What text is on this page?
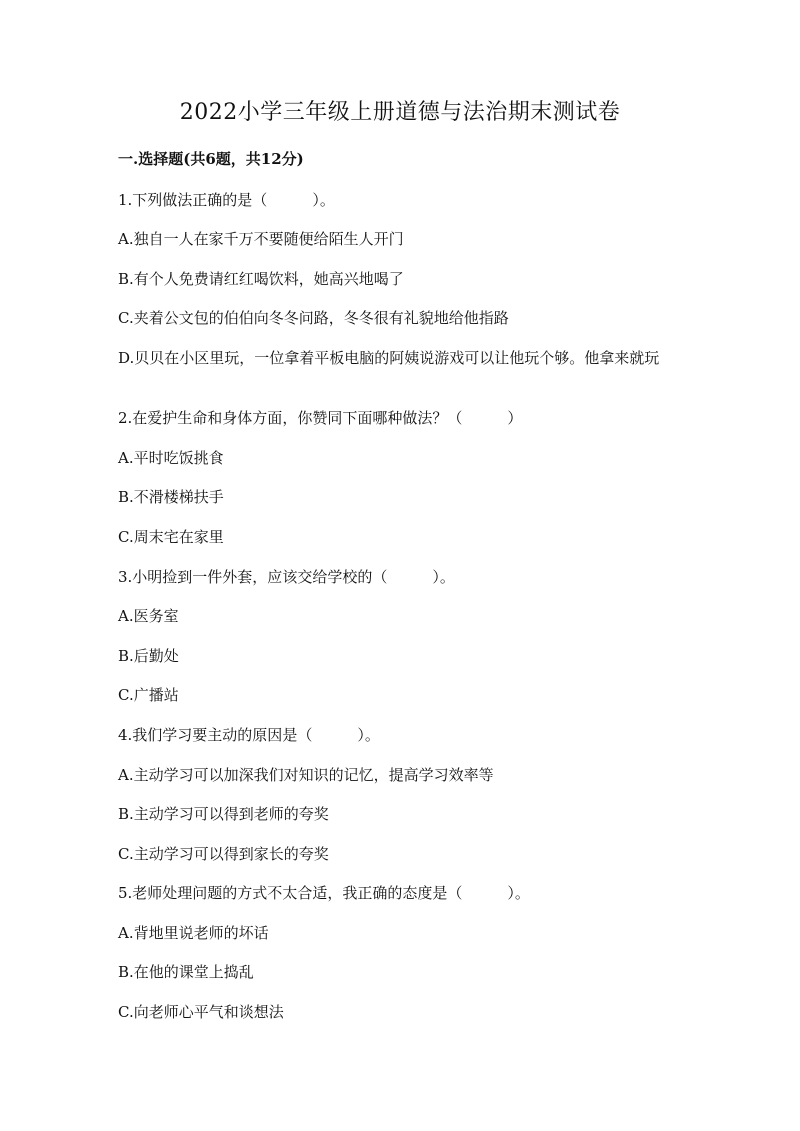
2022小学三年级上册道德与法治期末测试卷
一.选择题(共6题，共12分)
1.下列做法正确的是（　　　）。
A.独自一人在家千万不要随便给陌生人开门
B.有个人免费请红红喝饮料，她高兴地喝了
C.夹着公文包的伯伯向冬冬问路，冬冬很有礼貌地给他指路
D.贝贝在小区里玩，一位拿着平板电脑的阿姨说游戏可以让他玩个够。他拿来就玩
2.在爱护生命和身体方面，你赞同下面哪种做法？（　　　）
A.平时吃饭挑食
B.不滑楼梯扶手
C.周末宅在家里
3.小明捡到一件外套，应该交给学校的（　　　）。
A.医务室
B.后勤处
C.广播站
4.我们学习要主动的原因是（　　　）。
A.主动学习可以加深我们对知识的记忆，提高学习效率等
B.主动学习可以得到老师的夸奖
C.主动学习可以得到家长的夸奖
5.老师处理问题的方式不太合适，我正确的态度是（　　　）。
A.背地里说老师的坏话
B.在他的课堂上捣乱
C.向老师心平气和谈想法
